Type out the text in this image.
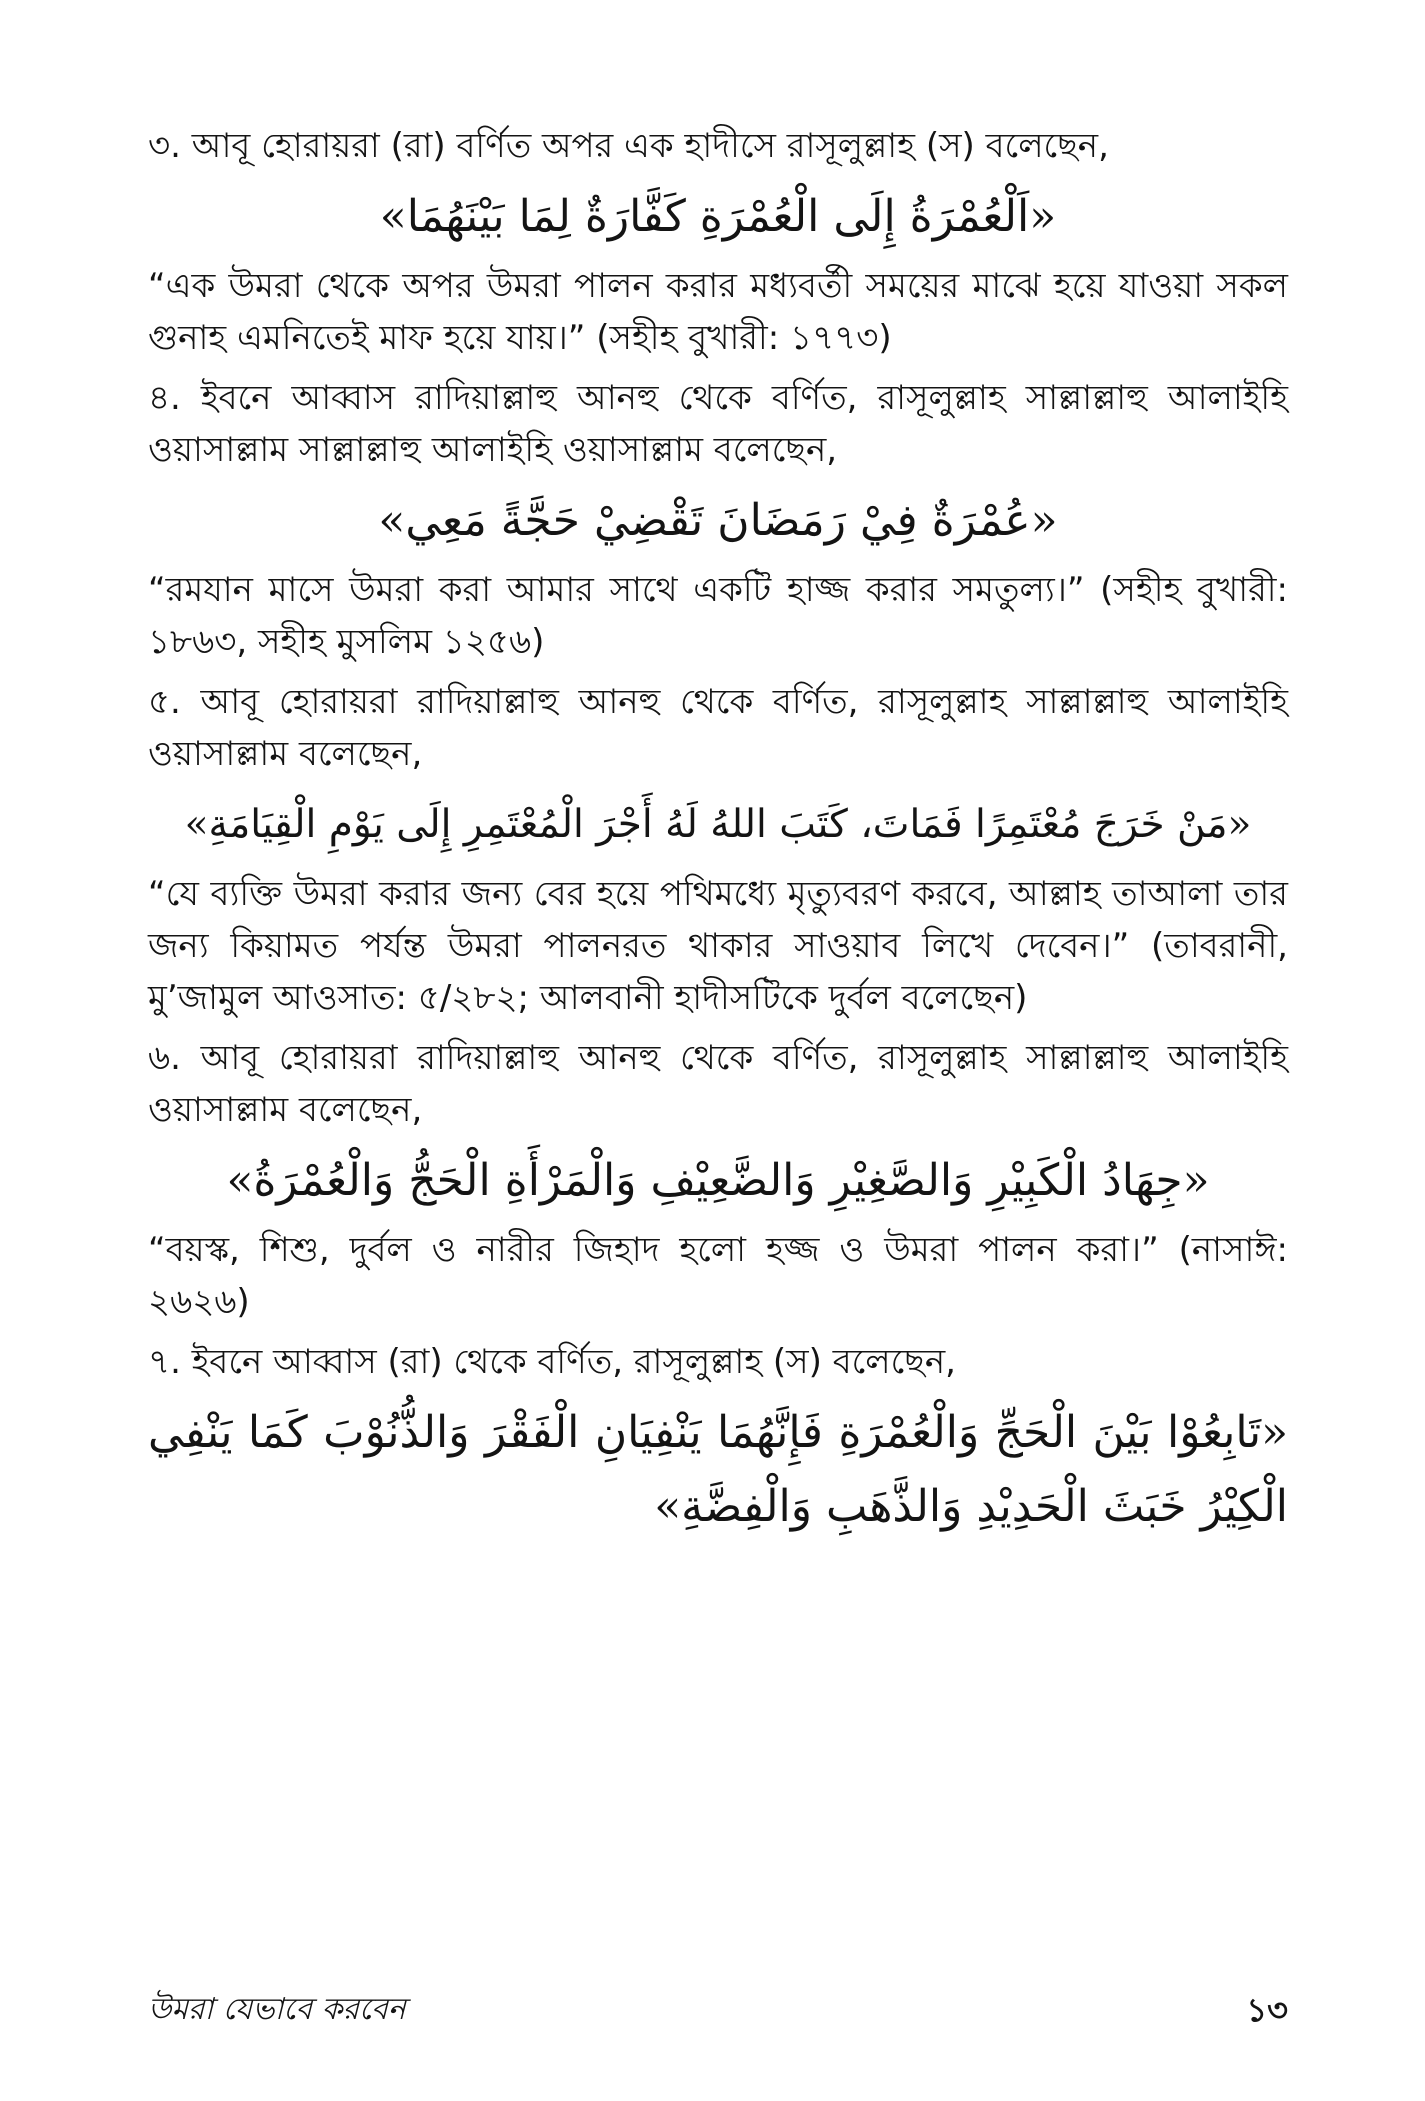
৩. আবূ হোরায়রা (রা) বর্ণিত অপর এক হাদীসে রাসূলুল্লাহ (স) বলেছেন,

«اَلْعُمْرَةُ إِلَى الْعُمْرَةِ كَفَّارَةٌ لِمَا بَيْنَهُمَا»

“এক উমরা থেকে অপর উমরা পালন করার মধ্যবর্তী সময়ের মাঝে হয়ে যাওয়া সকল গুনাহ এমনিতেই মাফ হয়ে যায়।” (সহীহ বুখারী: ১৭৭৩)

৪. ইবনে আব্বাস রাদিয়াল্লাহু আনহু থেকে বর্ণিত, রাসূলুল্লাহ সাল্লাল্লাহু আলাইহি ওয়াসাল্লাম সাল্লাল্লাহু আলাইহি ওয়াসাল্লাম বলেছেন,

«عُمْرَةٌ فِيْ رَمَضَانَ تَقْضِيْ حَجَّةً مَعِي»

“রমযান মাসে উমরা করা আমার সাথে একটি হাজ্জ করার সমতুল্য।” (সহীহ বুখারী: ১৮৬৩, সহীহ মুসলিম ১২৫৬)

৫. আবূ হোরায়রা রাদিয়াল্লাহু আনহু থেকে বর্ণিত, রাসূলুল্লাহ সাল্লাল্লাহু আলাইহি ওয়াসাল্লাম বলেছেন,

«مَنْ خَرَجَ مُعْتَمِرًا فَمَاتَ، كَتَبَ اللهُ لَهُ أَجْرَ الْمُعْتَمِرِ إِلَى يَوْمِ الْقِيَامَةِ»

“যে ব্যক্তি উমরা করার জন্য বের হয়ে পথিমধ্যে মৃত্যুবরণ করবে, আল্লাহ তাআলা তার জন্য কিয়ামত পর্যন্ত উমরা পালনরত থাকার সাওয়াব লিখে দেবেন।” (তাবরানী, মু’জামুল আওসাত: ৫/২৮২; আলবানী হাদীসটিকে দুর্বল বলেছেন)

৬. আবূ হোরায়রা রাদিয়াল্লাহু আনহু থেকে বর্ণিত, রাসূলুল্লাহ সাল্লাল্লাহু আলাইহি ওয়াসাল্লাম বলেছেন,

«جِهَادُ الْكَبِيْرِ وَالصَّغِيْرِ وَالضَّعِيْفِ وَالْمَرْأَةِ الْحَجُّ وَالْعُمْرَةُ»

“বয়স্ক, শিশু, দুর্বল ও নারীর জিহাদ হলো হজ্জ ও উমরা পালন করা।” (নাসাঈ: ২৬২৬)

৭. ইবনে আব্বাস (রা) থেকে বর্ণিত, রাসূলুল্লাহ (স) বলেছেন,

«تَابِعُوْا بَيْنَ الْحَجِّ وَالْعُمْرَةِ فَإِنَّهُمَا يَنْفِيَانِ الْفَقْرَ وَالذُّنُوْبَ كَمَا يَنْفِي الْكِيْرُ خَبَثَ الْحَدِيْدِ وَالذَّهَبِ وَالْفِضَّةِ»

উমরা যেভাবে করবেন	১৩
